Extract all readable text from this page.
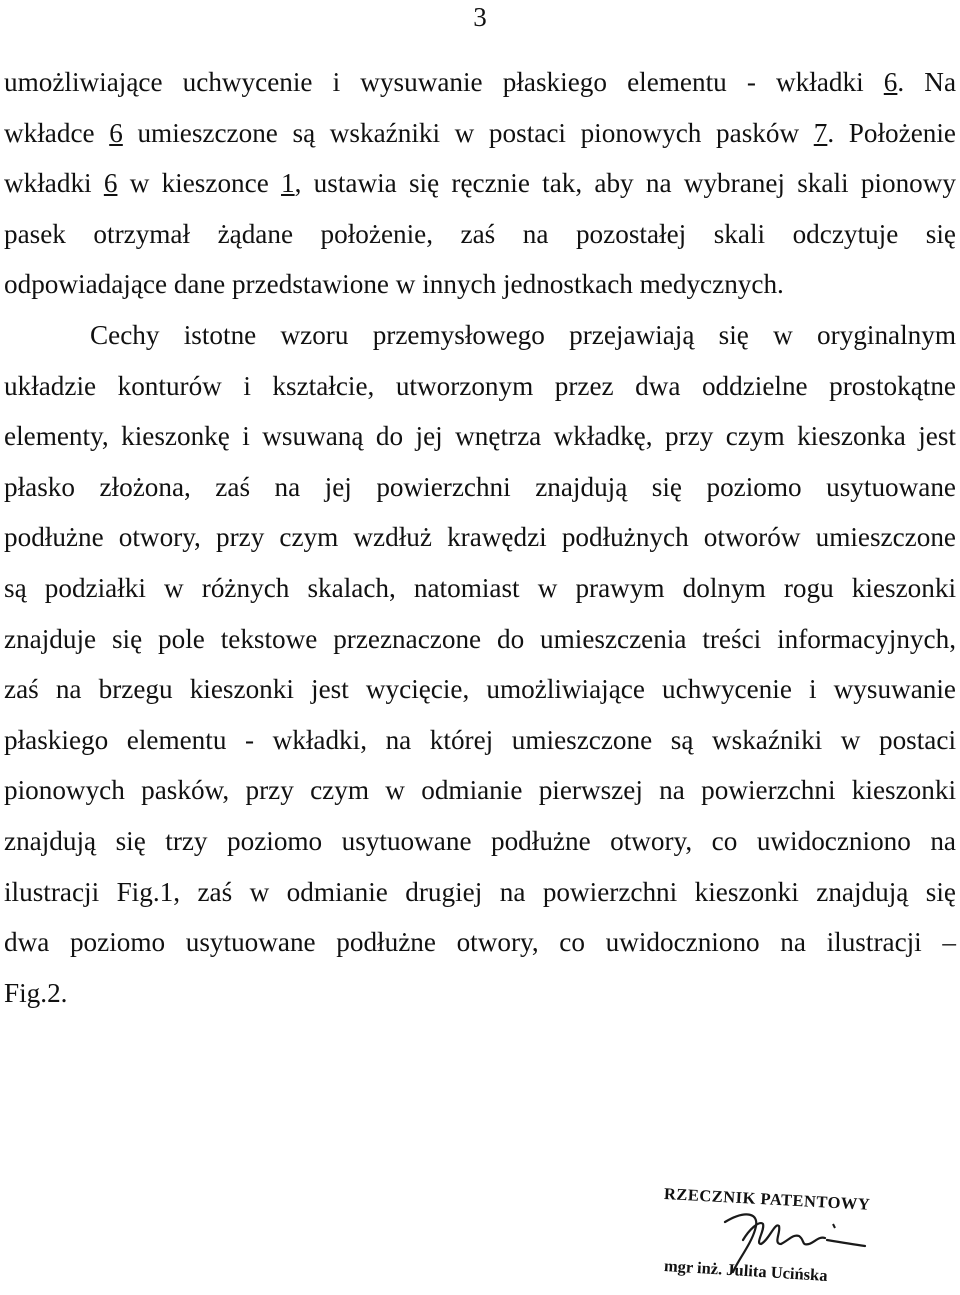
3
umożliwiające uchwycenie i wysuwanie płaskiego elementu - wkładki 6. Na
wkładce 6 umieszczone są wskaźniki w postaci pionowych pasków 7. Położenie
wkładki 6 w kieszonce 1, ustawia się ręcznie tak, aby na wybranej skali pionowy
pasek otrzymał żądane położenie, zaś na pozostałej skali odczytuje się
odpowiadające dane przedstawione w innych jednostkach medycznych.
Cechy istotne wzoru przemysłowego przejawiają się w oryginalnym
układzie konturów i kształcie, utworzonym przez dwa oddzielne prostokątne
elementy, kieszonkę i wsuwaną do jej wnętrza wkładkę, przy czym kieszonka jest
płasko złożona, zaś na jej powierzchni znajdują się poziomo usytuowane
podłużne otwory, przy czym wzdłuż krawędzi podłużnych otworów umieszczone
są podziałki w różnych skalach, natomiast w prawym dolnym rogu kieszonki
znajduje się pole tekstowe przeznaczone do umieszczenia treści informacyjnych,
zaś na brzegu kieszonki jest wycięcie, umożliwiające uchwycenie i wysuwanie
płaskiego elementu - wkładki, na której umieszczone są wskaźniki w postaci
pionowych pasków, przy czym w odmianie pierwszej na powierzchni kieszonki
znajdują się trzy poziomo usytuowane podłużne otwory, co uwidoczniono na
ilustracji Fig.1, zaś w odmianie drugiej na powierzchni kieszonki znajdują się
dwa poziomo usytuowane podłużne otwory, co uwidoczniono na ilustracji –
Fig.2.
RZECZNIK PATENTOWY
mgr inż. Julita Ucińska
